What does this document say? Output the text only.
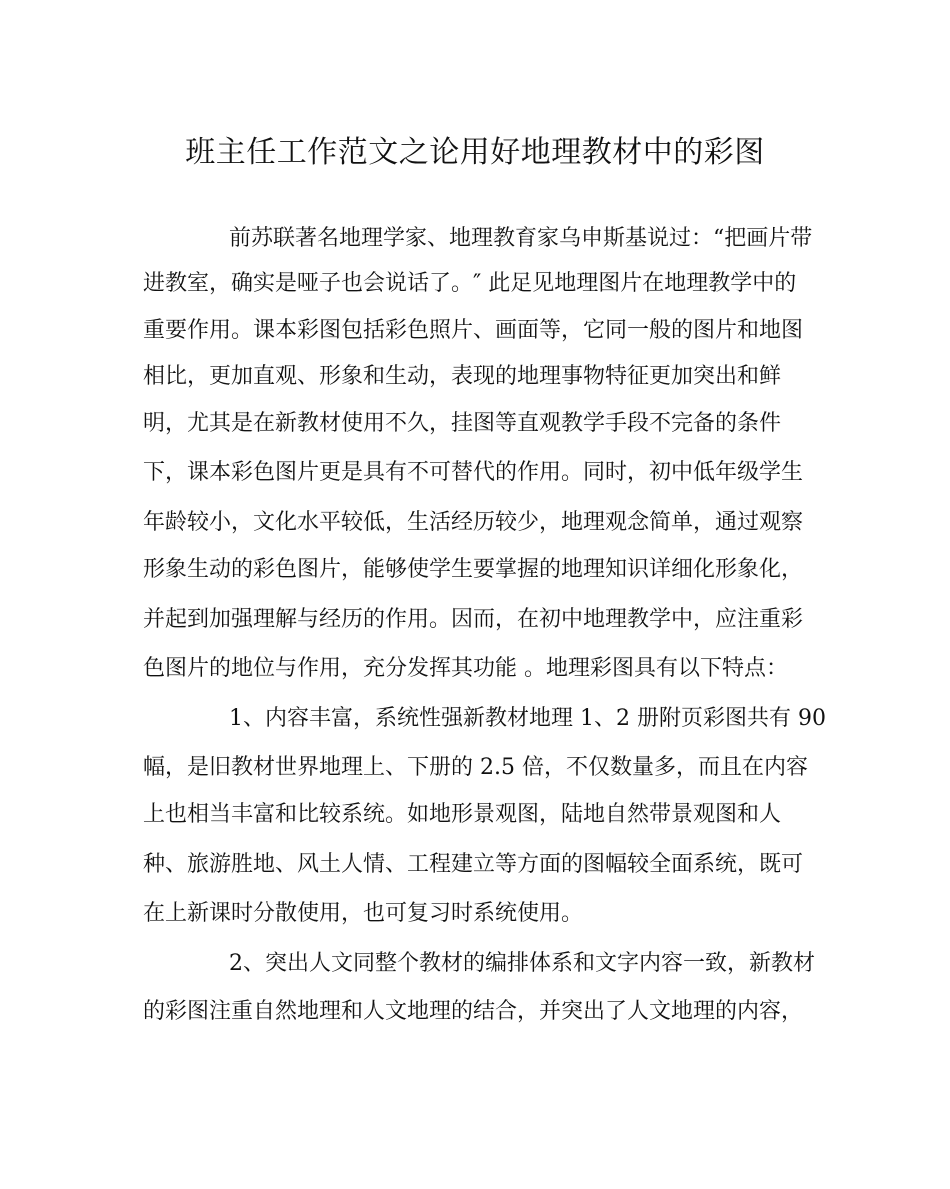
班主任工作范文之论用好地理教材中的彩图
前苏联著名地理学家、地理教育家乌申斯基说过：“把画片带
进教室，确实是哑子也会说话了。″ 此足见地理图片在地理教学中的
重要作用。课本彩图包括彩色照片、画面等，它同一般的图片和地图
相比，更加直观、形象和生动，表现的地理事物特征更加突出和鲜
明，尤其是在新教材使用不久，挂图等直观教学手段不完备的条件
下，课本彩色图片更是具有不可替代的作用。同时，初中低年级学生
年龄较小，文化水平较低，生活经历较少，地理观念简单，通过观察
形象生动的彩色图片，能够使学生要掌握的地理知识详细化形象化，
并起到加强理解与经历的作用。因而，在初中地理教学中，应注重彩
色图片的地位与作用，充分发挥其功能 。地理彩图具有以下特点：
1、内容丰富，系统性强新教材地理 1、2 册附页彩图共有 90
幅，是旧教材世界地理上、下册的 2.5 倍，不仅数量多，而且在内容
上也相当丰富和比较系统。如地形景观图，陆地自然带景观图和人
种、旅游胜地、风土人情、工程建立等方面的图幅较全面系统，既可
在上新课时分散使用，也可复习时系统使用。
2、突出人文同整个教材的编排体系和文字内容一致，新教材
的彩图注重自然地理和人文地理的结合，并突出了人文地理的内容，
